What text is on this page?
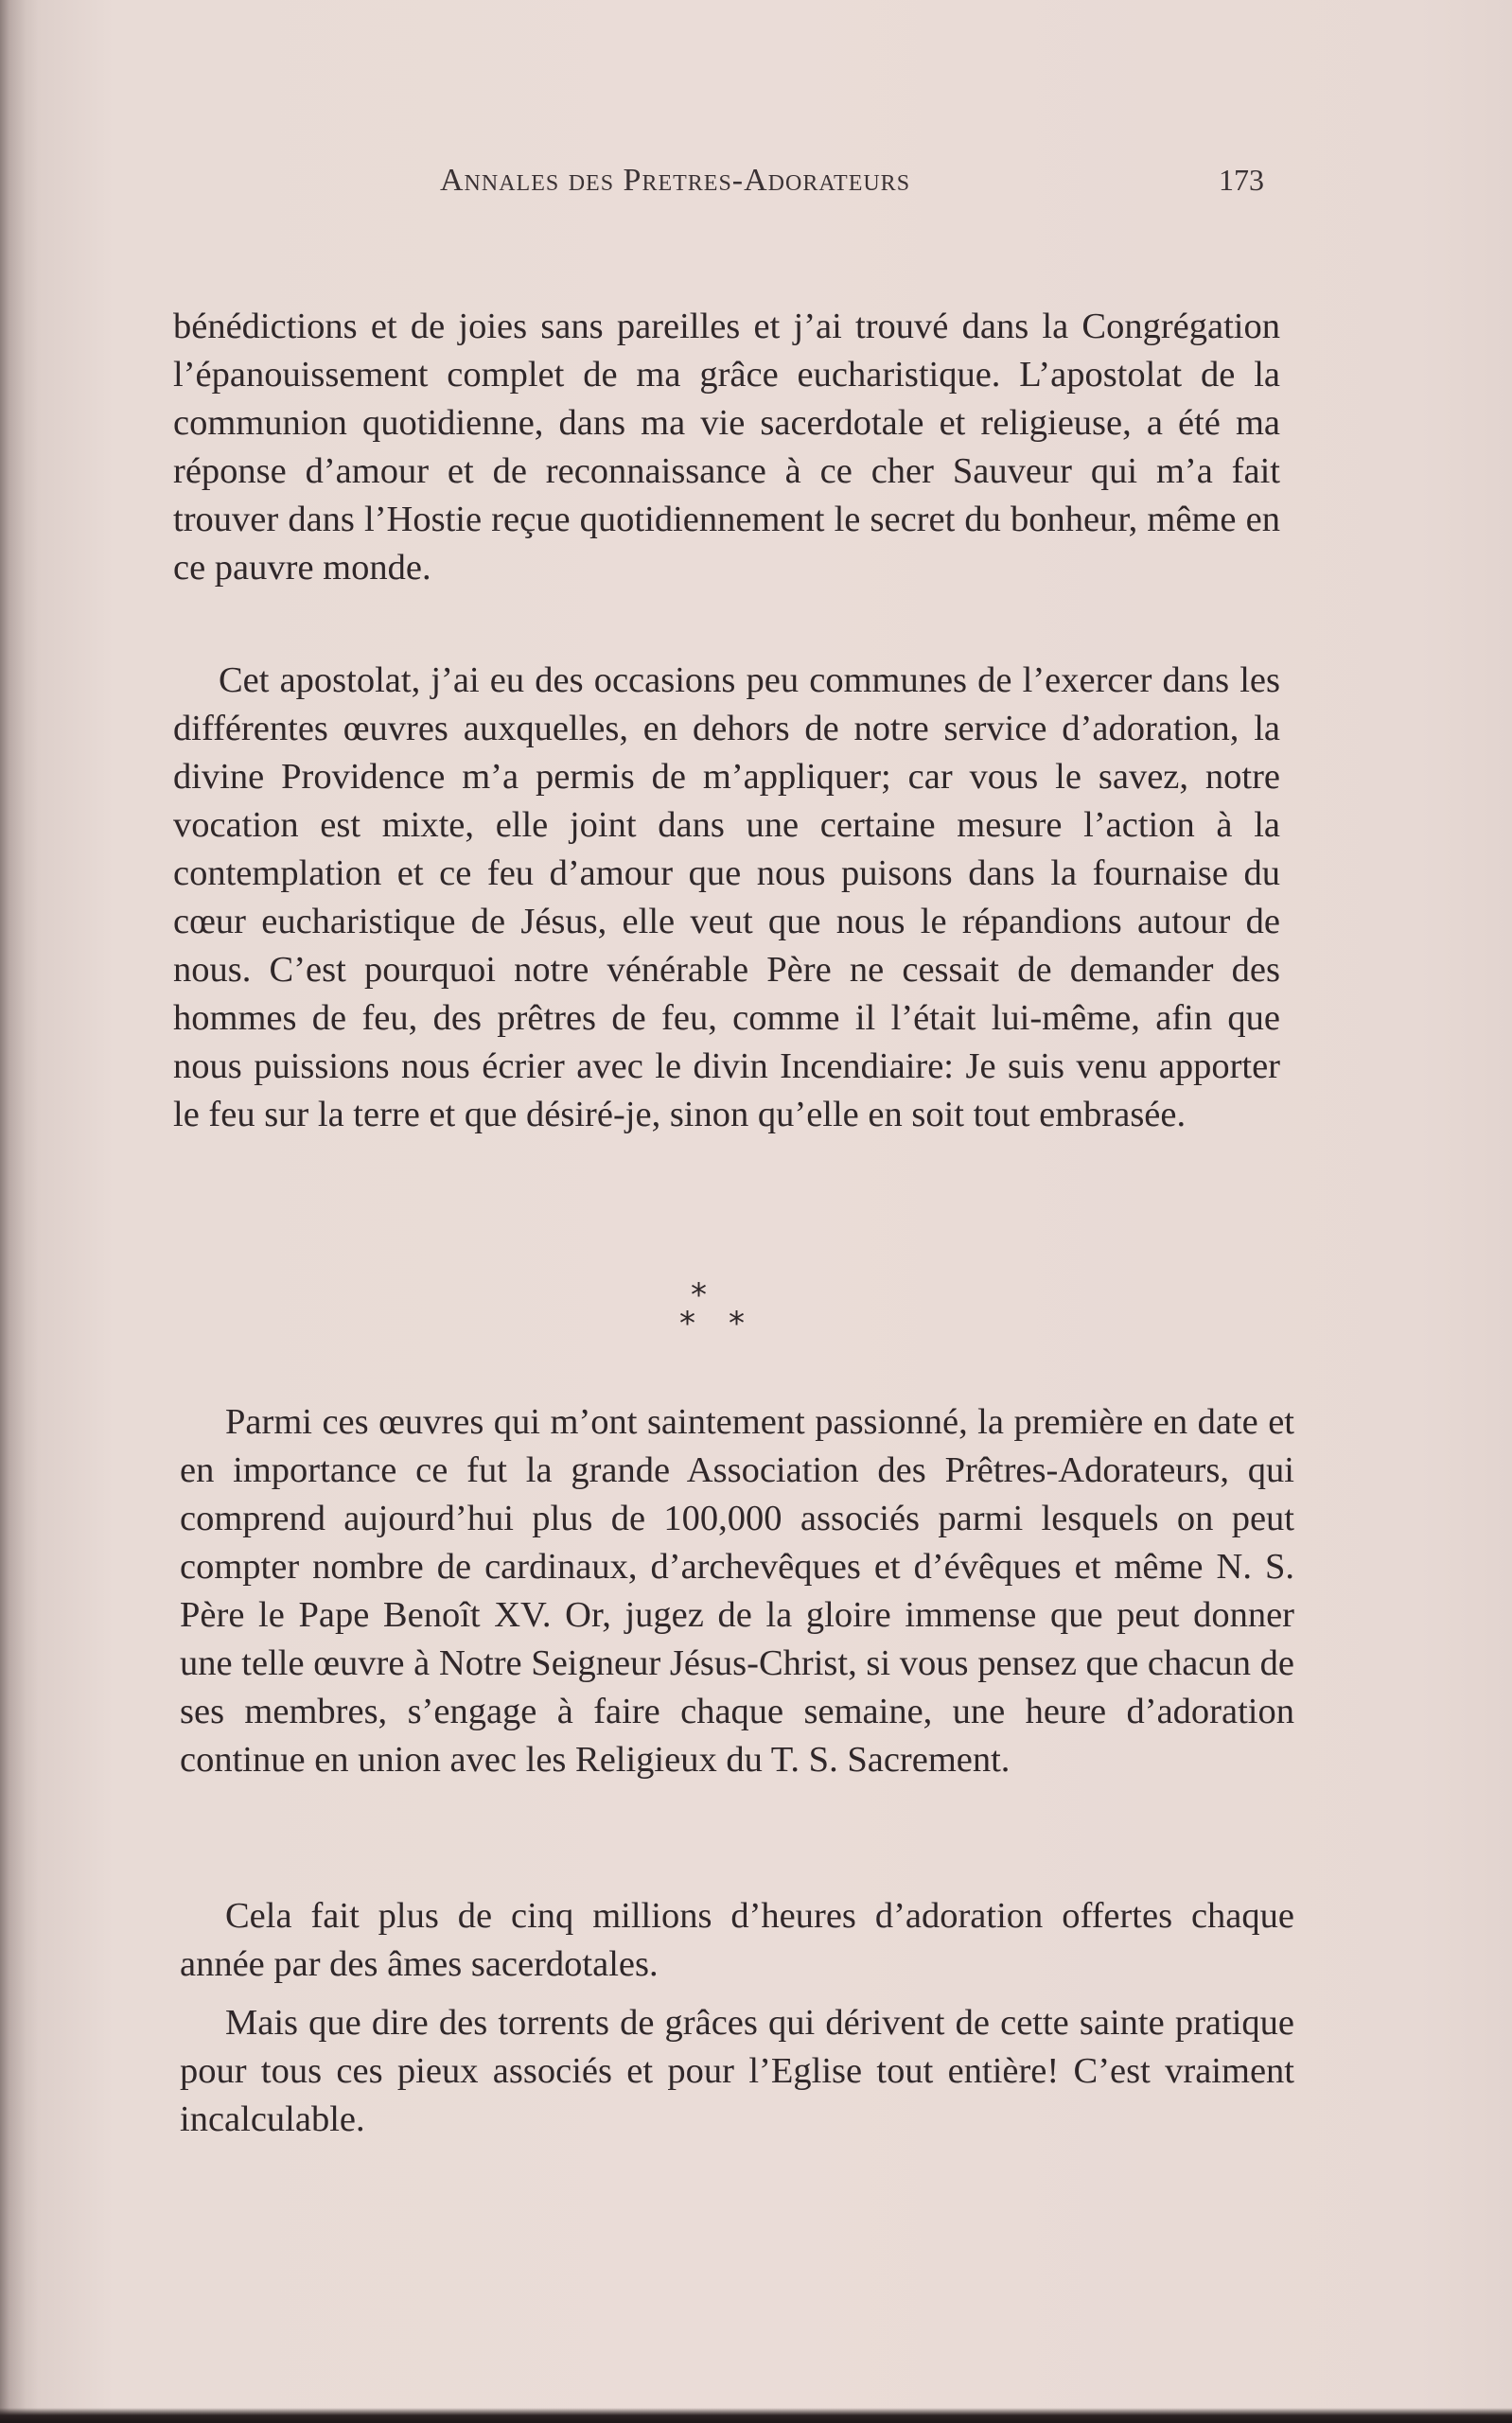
Annales des Pretres-Adorateurs	173

bénédictions et de joies sans pareilles et j’ai trouvé dans la Congrégation l’épanouissement complet de ma grâce eucharistique. L’apostolat de la communion quotidienne, dans ma vie sacerdotale et religieuse, a été ma réponse d’amour et de reconnaissance à ce cher Sauveur qui m’a fait trouver dans l’Hostie reçue quotidiennement le secret du bonheur, même en ce pauvre monde.

Cet apostolat, j’ai eu des occasions peu communes de l’exercer dans les différentes œuvres auxquelles, en dehors de notre service d’adoration, la divine Providence m’a permis de m’appliquer; car vous le savez, notre vocation est mixte, elle joint dans une certaine mesure l’action à la contemplation et ce feu d’amour que nous puisons dans la fournaise du cœur eucharistique de Jésus, elle veut que nous le répandions autour de nous. C’est pourquoi notre vénérable Père ne cessait de demander des hommes de feu, des prêtres de feu, comme il l’était lui-même, afin que nous puissions nous écrier avec le divin Incendiaire: Je suis venu apporter le feu sur la terre et que désiré-je, sinon qu’elle en soit tout embrasée.

*
* *

Parmi ces œuvres qui m’ont saintement passionné, la première en date et en importance ce fut la grande Association des Prêtres-Adorateurs, qui comprend aujourd’hui plus de 100,000 associés parmi lesquels on peut compter nombre de cardinaux, d’archevêques et d’évêques et même N. S. Père le Pape Benoît XV. Or, jugez de la gloire immense que peut donner une telle œuvre à Notre Seigneur Jésus-Christ, si vous pensez que chacun de ses membres, s’engage à faire chaque semaine, une heure d’adoration continue en union avec les Religieux du T. S. Sacrement.

Cela fait plus de cinq millions d’heures d’adoration offertes chaque année par des âmes sacerdotales.

Mais que dire des torrents de grâces qui dérivent de cette sainte pratique pour tous ces pieux associés et pour l’Eglise tout entière! C’est vraiment incalculable.
